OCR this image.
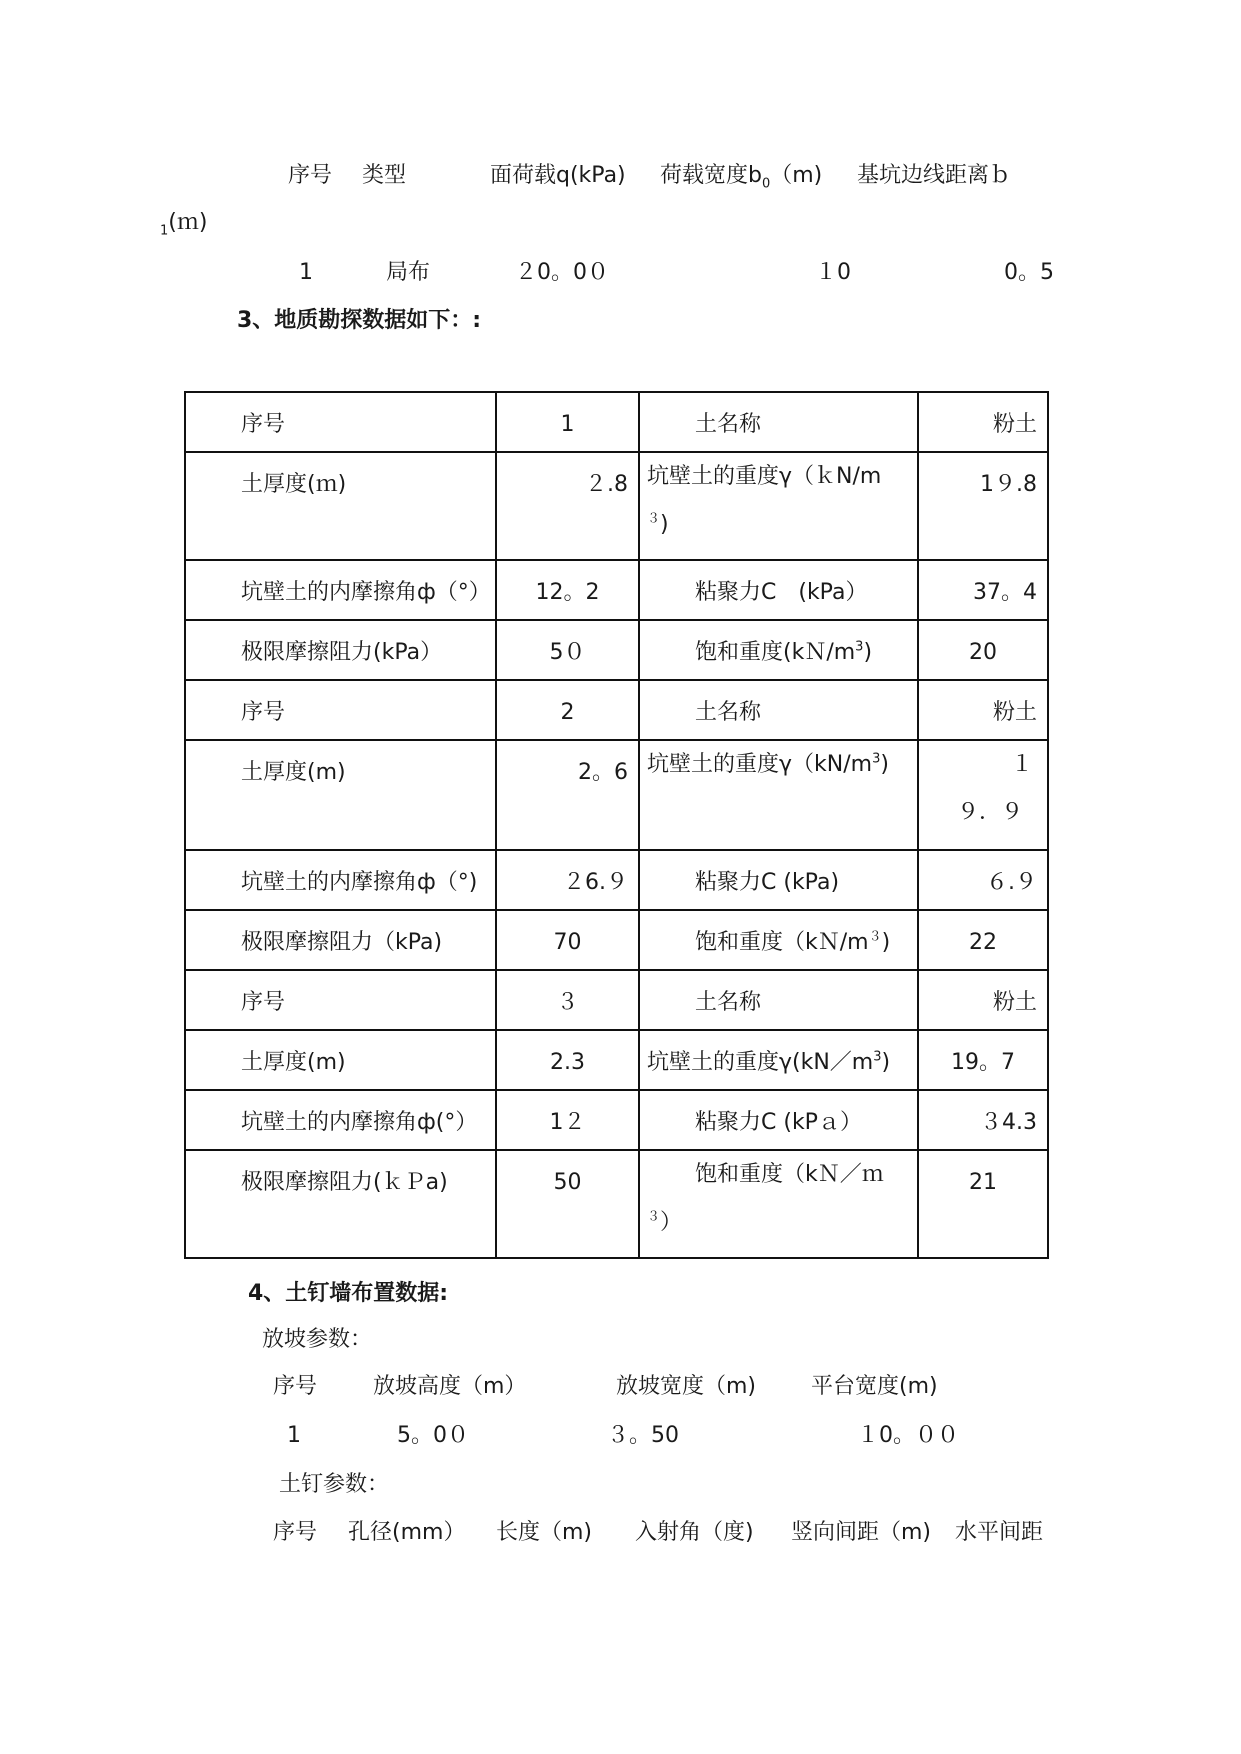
序号 类型	面荷载q(kPa) 荷载宽度$b_0(m)$ 基坑边线距离ｂ
$_1$(ｍ)
1	局布	２0。0０	１0	0。5
3、地质勘探数据如下：:
序号	1	土名称	粉土

土厚度(ｍ)	２.8	坑壁土的重度γ（ｋN/m
$^3$)	1９.8

坑壁土的内摩擦角ф（°）	12。2	粘聚力C　(kPa）	37。4

极限摩擦阻力(kPa）	5０	饱和重度$(kN/m^3)$	20

序号	2	土名称	粉土

土厚度(m)	2。6	坑壁土的重度$\gamma(kN/m^3)$	１
９．９

坑壁土的内摩擦角ф（°)	２6.９	粘聚力C (kPa)	６.９

极限摩擦阻力（kPa)	70	饱和重度$(kN/m^3)$	22

序号	３	土名称	粉土

土厚度(m)	2.3	坑壁土的重度$\gamma(kN/m^3)$	19。7

坑壁土的内摩擦角ф(°）	1２	粘聚力C (kPａ）	３4.3

极限摩擦阻力(ｋＰa)	50	饱和重度（kＮ／ｍ
$^3$）	21
4、土钉墙布置数据:
放坡参数：
序号	放坡高度（m）	放坡宽度（m) 平台宽度(m)
1	5。0０	３。50	１0。００
土钉参数：
序号 孔径(mm） 长度（m) 入射角（度) 竖向间距（m) 水平间距
